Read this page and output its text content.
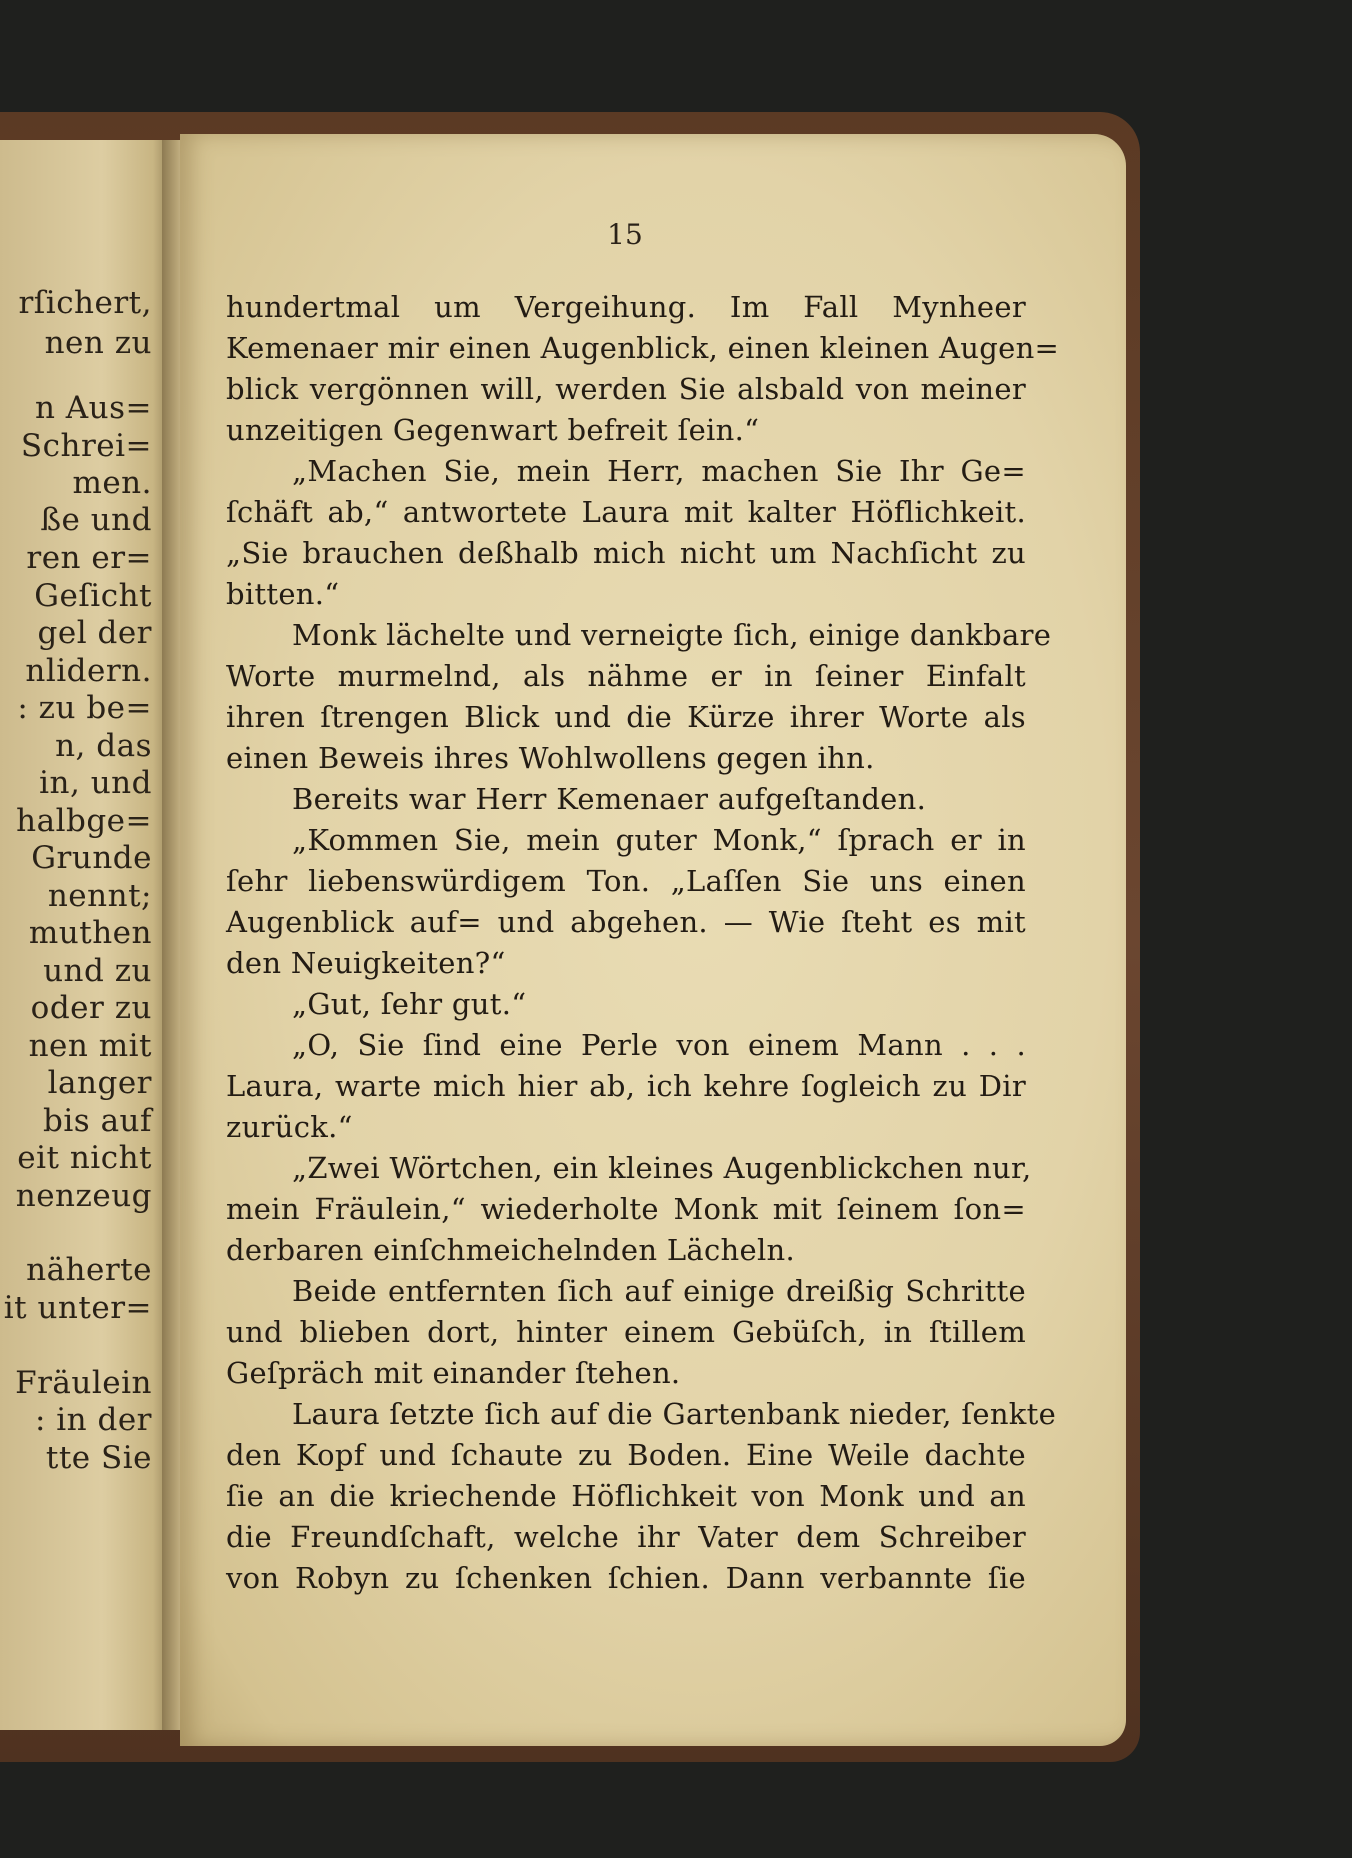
rſichert,
nen zu
n Aus=
Schrei=
men.
ße und
ren er=
Geſicht
gel der
nlidern.
: zu be=
n, das
in, und
halbge=
Grunde
nennt;
muthen
und zu
oder zu
nen mit
langer
bis auf
eit nicht
nenzeug
näherte
it unter=
Fräulein
: in der
tte Sie
15
hundertmal um Vergeihung. Im Fall Mynheer
Kemenaer mir einen Augenblick, einen kleinen Augen=
blick vergönnen will, werden Sie alsbald von meiner
unzeitigen Gegenwart befreit ſein.“
„Machen Sie, mein Herr, machen Sie Ihr Ge=
ſchäft ab,“ antwortete Laura mit kalter Höflichkeit.
„Sie brauchen deßhalb mich nicht um Nachſicht zu
bitten.“
Monk lächelte und verneigte ſich, einige dankbare
Worte murmelnd, als nähme er in ſeiner Einfalt
ihren ſtrengen Blick und die Kürze ihrer Worte als
einen Beweis ihres Wohlwollens gegen ihn.
Bereits war Herr Kemenaer aufgeſtanden.
„Kommen Sie, mein guter Monk,“ ſprach er in
ſehr liebenswürdigem Ton. „Laſſen Sie uns einen
Augenblick auf= und abgehen. — Wie ſteht es mit
den Neuigkeiten?“
„Gut, ſehr gut.“
„O, Sie ſind eine Perle von einem Mann . . .
Laura, warte mich hier ab, ich kehre ſogleich zu Dir
zurück.“
„Zwei Wörtchen, ein kleines Augenblickchen nur,
mein Fräulein,“ wiederholte Monk mit ſeinem ſon=
derbaren einſchmeichelnden Lächeln.
Beide entfernten ſich auf einige dreißig Schritte
und blieben dort, hinter einem Gebüſch, in ſtillem
Geſpräch mit einander ſtehen.
Laura ſetzte ſich auf die Gartenbank nieder, ſenkte
den Kopf und ſchaute zu Boden. Eine Weile dachte
ſie an die kriechende Höflichkeit von Monk und an
die Freundſchaft, welche ihr Vater dem Schreiber
von Robyn zu ſchenken ſchien. Dann verbannte ſie
